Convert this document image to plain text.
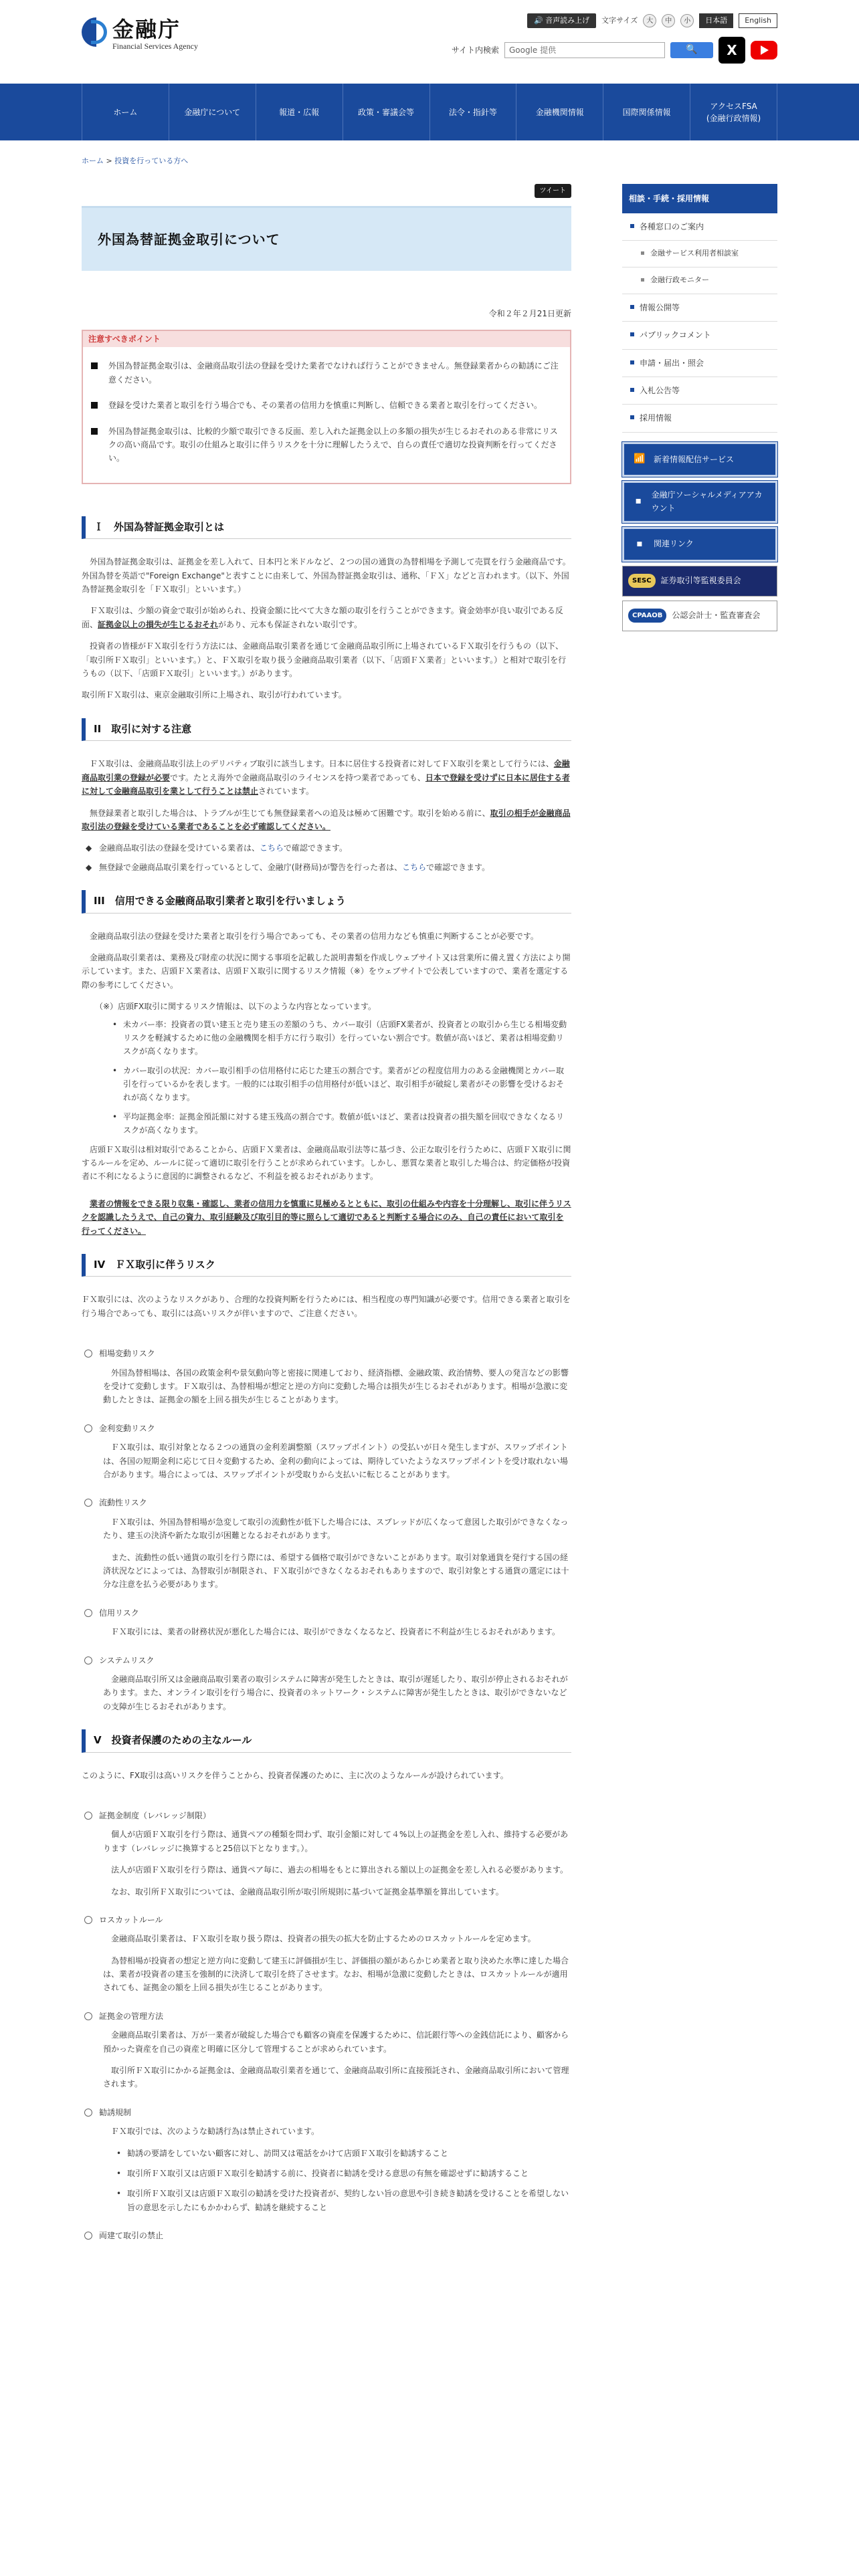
金融庁
Financial Services Agency
🔊 音声読み上げ	文字サイズ	大	中	小	日本語	English
サイト内検索	Google 提供	🔍	X
ホーム	金融庁について	報道・広報	政策・審議会等	法令・指針等	金融機関情報	国際関係情報
アクセスFSA
(金融行政情報)
ホーム > 投資を行っている方へ
ツイート
外国為替証拠金取引について
令和２年２月21日更新
注意すべきポイント

外国為替証拠金取引は、金融商品取引法の登録を受けた業者でなければ行うことができません。無登録業者からの勧誘にご注意ください。

登録を受けた業者と取引を行う場合でも、その業者の信用力を慎重に判断し、信頼できる業者と取引を行ってください。

外国為替証拠金取引は、比較的少額で取引できる反面、差し入れた証拠金以上の多額の損失が生じるおそれのある非常にリスクの高い商品です。取引の仕組みと取引に伴うリスクを十分に理解したうえで、自らの責任で適切な投資判断を行ってください。

Ｉ　外国為替証拠金取引とは

外国為替証拠金取引は、証拠金を差し入れて、日本円と米ドルなど、２つの国の通貨の為替相場を予測して売買を行う金融商品です。外国為替を英語で"Foreign Exchange"と表すことに由来して、外国為替証拠金取引は、通称、「ＦＸ」などと言われます。（以下、外国為替証拠金取引を「ＦＸ取引」といいます。）

ＦＸ取引は、少額の資金で取引が始められ、投資金額に比べて大きな額の取引を行うことができます。資金効率が良い取引である反面、証拠金以上の損失が生じるおそれがあり、元本も保証されない取引です。

投資者の皆様がＦＸ取引を行う方法には、金融商品取引業者を通じて金融商品取引所に上場されているＦＸ取引を行うもの（以下、「取引所ＦＸ取引」といいます。）と、ＦＸ取引を取り扱う金融商品取引業者（以下、「店頭ＦＸ業者」といいます。）と相対で取引を行うもの（以下、「店頭ＦＸ取引」といいます。）があります。

取引所ＦＸ取引は、東京金融取引所に上場され、取引が行われています。

II　取引に対する注意

ＦＸ取引は、金融商品取引法上のデリバティブ取引に該当します。日本に居住する投資者に対してＦＸ取引を業として行うには、金融商品取引業の登録が必要です。たとえ海外で金融商品取引のライセンスを持つ業者であっても、日本で登録を受けずに日本に居住する者に対して金融商品取引を業として行うことは禁止されています。

無登録業者と取引した場合は、トラブルが生じても無登録業者への追及は極めて困難です。取引を始める前に、取引の相手が金融商品取引法の登録を受けている業者であることを必ず確認してください。

◆ 金融商品取引法の登録を受けている業者は、こちらで確認できます。
◆ 無登録で金融商品取引業を行っているとして、金融庁(財務局)が警告を行った者は、こちらで確認できます。
III　信用できる金融商品取引業者と取引を行いましょう

金融商品取引法の登録を受けた業者と取引を行う場合であっても、その業者の信用力なども慎重に判断することが必要です。

金融商品取引業者は、業務及び財産の状況に関する事項を記載した説明書類を作成しウェブサイト又は営業所に備え置く方法により開示しています。また、店頭ＦＸ業者は、店頭ＦＸ取引に関するリスク情報（※）をウェブサイトで公表していますので、業者を選定する際の参考にしてください。

（※）店頭FX取引に関するリスク情報は、以下のような内容となっています。
• 未カバー率：投資者の買い建玉と売り建玉の差額のうち、カバー取引（店頭FX業者が、投資者との取引から生じる相場変動リスクを軽減するために他の金融機関を相手方に行う取引）を行っていない割合です。数値が高いほど、業者は相場変動リスクが高くなります。
• カバー取引の状況：カバー取引相手の信用格付に応じた建玉の割合です。業者がどの程度信用力のある金融機関とカバー取引を行っているかを表します。一般的には取引相手の信用格付が低いほど、取引相手が破綻し業者がその影響を受けるおそれが高くなります。
• 平均証拠金率：証拠金預託額に対する建玉残高の割合です。数値が低いほど、業者は投資者の損失額を回収できなくなるリスクが高くなります。

店頭ＦＸ取引は相対取引であることから、店頭ＦＸ業者は、金融商品取引法等に基づき、公正な取引を行うために、店頭ＦＸ取引に関するルールを定め、ルールに従って適切に取引を行うことが求められています。しかし、悪質な業者と取引した場合は、約定価格が投資者に不利になるように意図的に調整されるなど、不利益を被るおそれがあります。

業者の情報をできる限り収集・確認し、業者の信用力を慎重に見極めるとともに、取引の仕組みや内容を十分理解し、取引に伴うリスクを認識したうえで、自己の資力、取引経験及び取引目的等に照らして適切であると判断する場合にのみ、自己の責任において取引を行ってください。

IV　ＦＸ取引に伴うリスク

ＦＸ取引には、次のようなリスクがあり、合理的な投資判断を行うためには、相当程度の専門知識が必要です。信用できる業者と取引を行う場合であっても、取引には高いリスクが伴いますので、ご注意ください。

相場変動リスク

外国為替相場は、各国の政策金利や景気動向等と密接に関連しており、経済指標、金融政策、政治情勢、要人の発言などの影響を受けて変動します。ＦＸ取引は、為替相場が想定と逆の方向に変動した場合は損失が生じるおそれがあります。相場が急激に変動したときは、証拠金の額を上回る損失が生じることがあります。

金利変動リスク

ＦＸ取引は、取引対象となる２つの通貨の金利差調整額（スワップポイント）の受払いが日々発生しますが、スワップポイントは、各国の短期金利に応じて日々変動するため、金利の動向によっては、期待していたようなスワップポイントを受け取れない場合があります。場合によっては、スワップポイントが受取りから支払いに転じることがあります。

流動性リスク

ＦＸ取引は、外国為替相場が急変して取引の流動性が低下した場合には、スプレッドが広くなって意図した取引ができなくなったり、建玉の決済や新たな取引が困難となるおそれがあります。

また、流動性の低い通貨の取引を行う際には、希望する価格で取引ができないことがあります。取引対象通貨を発行する国の経済状況などによっては、為替取引が制限され、ＦＸ取引ができなくなるおそれもありますので、取引対象とする通貨の選定には十分な注意を払う必要があります。

信用リスク

ＦＸ取引には、業者の財務状況が悪化した場合には、取引ができなくなるなど、投資者に不利益が生じるおそれがあります。

システムリスク

金融商品取引所又は金融商品取引業者の取引システムに障害が発生したときは、取引が遅延したり、取引が停止されるおそれがあります。また、オンライン取引を行う場合に、投資者のネットワーク・システムに障害が発生したときは、取引ができないなどの支障が生じるおそれがあります。

V　投資者保護のための主なルール

このように、FX取引は高いリスクを伴うことから、投資者保護のために、主に次のようなルールが設けられています。

証拠金制度（レバレッジ制限）

個人が店頭ＦＸ取引を行う際は、通貨ペアの種類を問わず、取引金額に対して４%以上の証拠金を差し入れ、維持する必要があります（レバレッジに換算すると25倍以下となります。）。

法人が店頭ＦＸ取引を行う際は、通貨ペア毎に、過去の相場をもとに算出される額以上の証拠金を差し入れる必要があります。

なお、取引所ＦＸ取引については、金融商品取引所が取引所規則に基づいて証拠金基準額を算出しています。

ロスカットルール

金融商品取引業者は、ＦＸ取引を取り扱う際は、投資者の損失の拡大を防止するためのロスカットルールを定めます。

為替相場が投資者の想定と逆方向に変動して建玉に評価損が生じ、評価損の額があらかじめ業者と取り決めた水準に達した場合は、業者が投資者の建玉を強制的に決済して取引を終了させます。なお、相場が急激に変動したときは、ロスカットルールが適用されても、証拠金の額を上回る損失が生じることがあります。

証拠金の管理方法

金融商品取引業者は、万が一業者が破綻した場合でも顧客の資産を保護するために、信託銀行等への金銭信託により、顧客から預かった資産を自己の資産と明確に区分して管理することが求められています。

取引所ＦＸ取引にかかる証拠金は、金融商品取引業者を通じて、金融商品取引所に直接預託され、金融商品取引所において管理されます。

勧誘規制

ＦＸ取引では、次のような勧誘行為は禁止されています。

• 勧誘の要請をしていない顧客に対し、訪問又は電話をかけて店頭ＦＸ取引を勧誘すること
• 取引所ＦＸ取引又は店頭ＦＸ取引を勧誘する前に、投資者に勧誘を受ける意思の有無を確認せずに勧誘すること
• 取引所ＦＸ取引又は店頭ＦＸ取引の勧誘を受けた投資者が、契約しない旨の意思や引き続き勧誘を受けることを希望しない旨の意思を示したにもかかわらず、勧誘を継続すること
両建て取引の禁止
相談・手続・採用情報
各種窓口のご案内
金融サービス利用者相談室
金融行政モニター
情報公開等
パブリックコメント
申請・届出・照会
入札公告等
採用情報
📶	新着情報配信サービス
▪
金融庁ソーシャルメディアアカウント
▪	関連リンク
SESC	証券取引等監視委員会
CPAAOB	公認会計士・監査審査会
